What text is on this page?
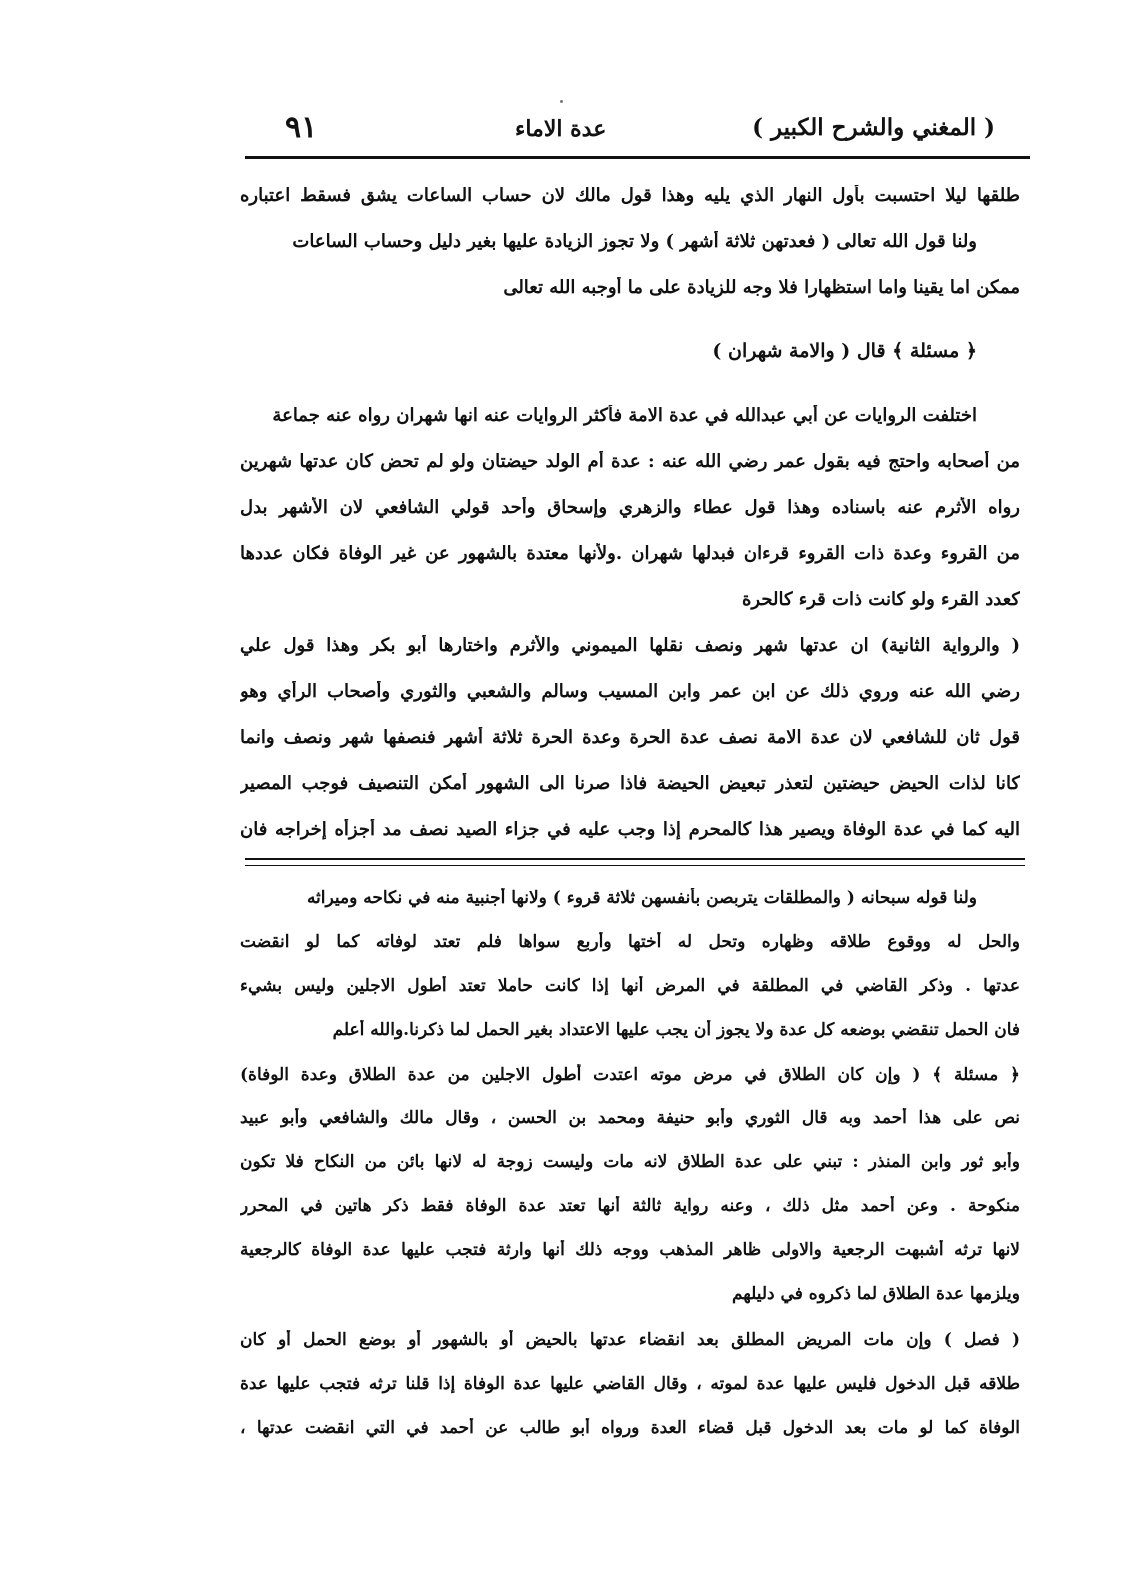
( المغني والشرح الكبير )
عدة الاماء
٩١
طلقها ليلا احتسبت بأول النهار الذي يليه وهذا قول مالك لان حساب الساعات يشق فسقط اعتباره
ولنا قول الله تعالى ( فعدتهن ثلاثة أشهر ) ولا تجوز الزيادة عليها بغير دليل وحساب الساعات
ممكن اما يقينا واما استظهارا فلا وجه للزيادة على ما أوجبه الله تعالى
﴿ مسئلة ﴾ قال ( والامة شهران )
اختلفت الروايات عن أبي عبدالله في عدة الامة فأكثر الروايات عنه انها شهران رواه عنه جماعة
من أصحابه واحتج فيه بقول عمر رضي الله عنه : عدة أم الولد حيضتان ولو لم تحض كان عدتها شهرين
رواه الأثرم عنه باسناده وهذا قول عطاء والزهري وإسحاق وأحد قولي الشافعي لان الأشهر بدل
من القروء وعدة ذات القروء قرءان فبدلها شهران .ولأنها معتدة بالشهور عن غير الوفاة فكان عددها
كعدد القرء ولو كانت ذات قرء كالحرة
( والرواية الثانية) ان عدتها شهر ونصف نقلها الميموني والأثرم واختارها أبو بكر وهذا قول علي
رضي الله عنه وروي ذلك عن ابن عمر وابن المسيب وسالم والشعبي والثوري وأصحاب الرأي وهو
قول ثان للشافعي لان عدة الامة نصف عدة الحرة وعدة الحرة ثلاثة أشهر فنصفها شهر ونصف وانما
كانا لذات الحيض حيضتين لتعذر تبعيض الحيضة فاذا صرنا الى الشهور أمكن التنصيف فوجب المصير
اليه كما في عدة الوفاة ويصير هذا كالمحرم إذا وجب عليه في جزاء الصيد نصف مد أجزأه إخراجه فان
ولنا قوله سبحانه ( والمطلقات يتربصن بأنفسهن ثلاثة قروء ) ولانها أجنبية منه في نكاحه وميراثه
والحل له ووقوع طلاقه وظهاره وتحل له أختها وأربع سواها فلم تعتد لوفاته كما لو انقضت
عدتها . وذكر القاضي في المطلقة في المرض أنها إذا كانت حاملا تعتد أطول الاجلين وليس بشيء
فان الحمل تنقضي بوضعه كل عدة ولا يجوز أن يجب عليها الاعتداد بغير الحمل لما ذكرنا.والله أعلم
﴿ مسئلة ﴾ ( وإن كان الطلاق في مرض موته اعتدت أطول الاجلين من عدة الطلاق وعدة الوفاة)
نص على هذا أحمد وبه قال الثوري وأبو حنيفة ومحمد بن الحسن ، وقال مالك والشافعي وأبو عبيد
وأبو ثور وابن المنذر : تبني على عدة الطلاق لانه مات وليست زوجة له لانها بائن من النكاح فلا تكون
منكوحة . وعن أحمد مثل ذلك ، وعنه رواية ثالثة أنها تعتد عدة الوفاة فقط ذكر هاتين في المحرر
لانها ترثه أشبهت الرجعية والاولى ظاهر المذهب ووجه ذلك أنها وارثة فتجب عليها عدة الوفاة كالرجعية
ويلزمها عدة الطلاق لما ذكروه في دليلهم
( فصل ) وإن مات المريض المطلق بعد انقضاء عدتها بالحيض أو بالشهور أو بوضع الحمل أو كان
طلاقه قبل الدخول فليس عليها عدة لموته ، وقال القاضي عليها عدة الوفاة إذا قلنا ترثه فتجب عليها عدة
الوفاة كما لو مات بعد الدخول قبل قضاء العدة ورواه أبو طالب عن أحمد في التي انقضت عدتها ،
